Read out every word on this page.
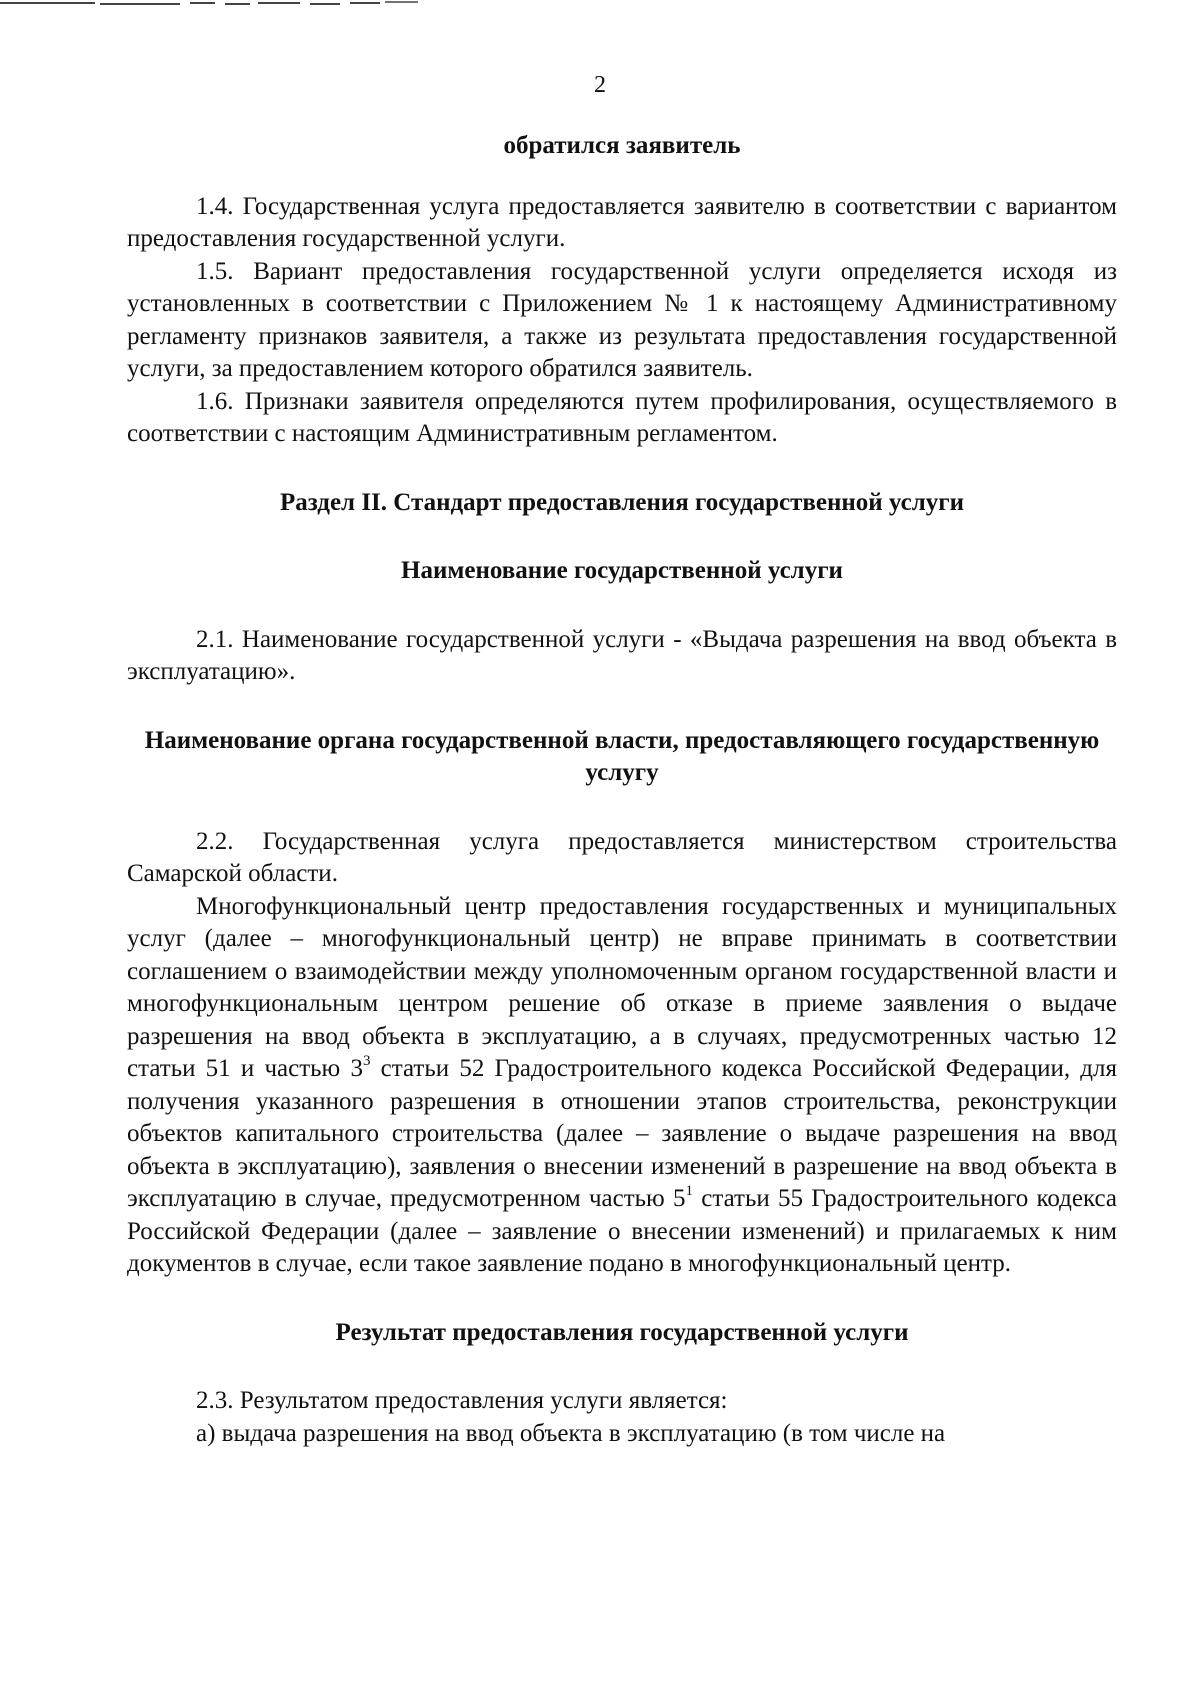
2

обратился заявитель

1.4. Государственная услуга предоставляется заявителю в соответствии с вариантом предоставления государственной услуги.

1.5. Вариант предоставления государственной услуги определяется исходя из установленных в соответствии с Приложением № 1 к настоящему Административному регламенту признаков заявителя, а также из результата предоставления государственной услуги, за предоставлением которого обратился заявитель.

1.6. Признаки заявителя определяются путем профилирования, осуществляемого в соответствии с настоящим Административным регламентом.

Раздел II. Стандарт предоставления государственной услуги

Наименование государственной услуги

2.1. Наименование государственной услуги - «Выдача разрешения на ввод объекта в эксплуатацию».

Наименование органа государственной власти, предоставляющего государственную услугу

2.2. Государственная услуга предоставляется министерством строительства Самарской области.

Многофункциональный центр предоставления государственных и муниципальных услуг (далее – многофункциональный центр) не вправе принимать в соответствии соглашением о взаимодействии между уполномоченным органом государственной власти и многофункциональным центром решение об отказе в приеме заявления о выдаче разрешения на ввод объекта в эксплуатацию, а в случаях, предусмотренных частью 12 статьи 51 и частью $3^3$ статьи 52 Градостроительного кодекса Российской Федерации, для получения указанного разрешения в отношении этапов строительства, реконструкции объектов капитального строительства (далее – заявление о выдаче разрешения на ввод объекта в эксплуатацию), заявления о внесении изменений в разрешение на ввод объекта в эксплуатацию в случае, предусмотренном частью $5^1$ статьи 55 Градостроительного кодекса Российской Федерации (далее – заявление о внесении изменений) и прилагаемых к ним документов в случае, если такое заявление подано в многофункциональный центр.

Результат предоставления государственной услуги

2.3. Результатом предоставления услуги является:

а) выдача разрешения на ввод объекта в эксплуатацию (в том числе на
